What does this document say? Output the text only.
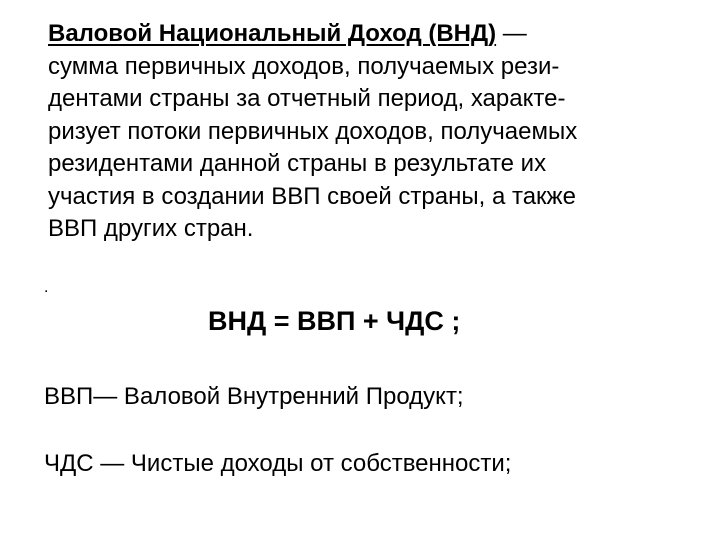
Валовой Национальный Доход (ВНД) —
сумма первичных доходов, получаемых рези-
дентами страны за отчетный период, характе-
ризует потоки первичных доходов, получаемых
резидентами данной страны в результате их
участия в создании ВВП своей страны, а также
ВВП других стран.
.
ВНД = ВВП + ЧДС ;
ВВП— Валовой Внутренний Продукт;
ЧДС — Чистые доходы от собственности;
